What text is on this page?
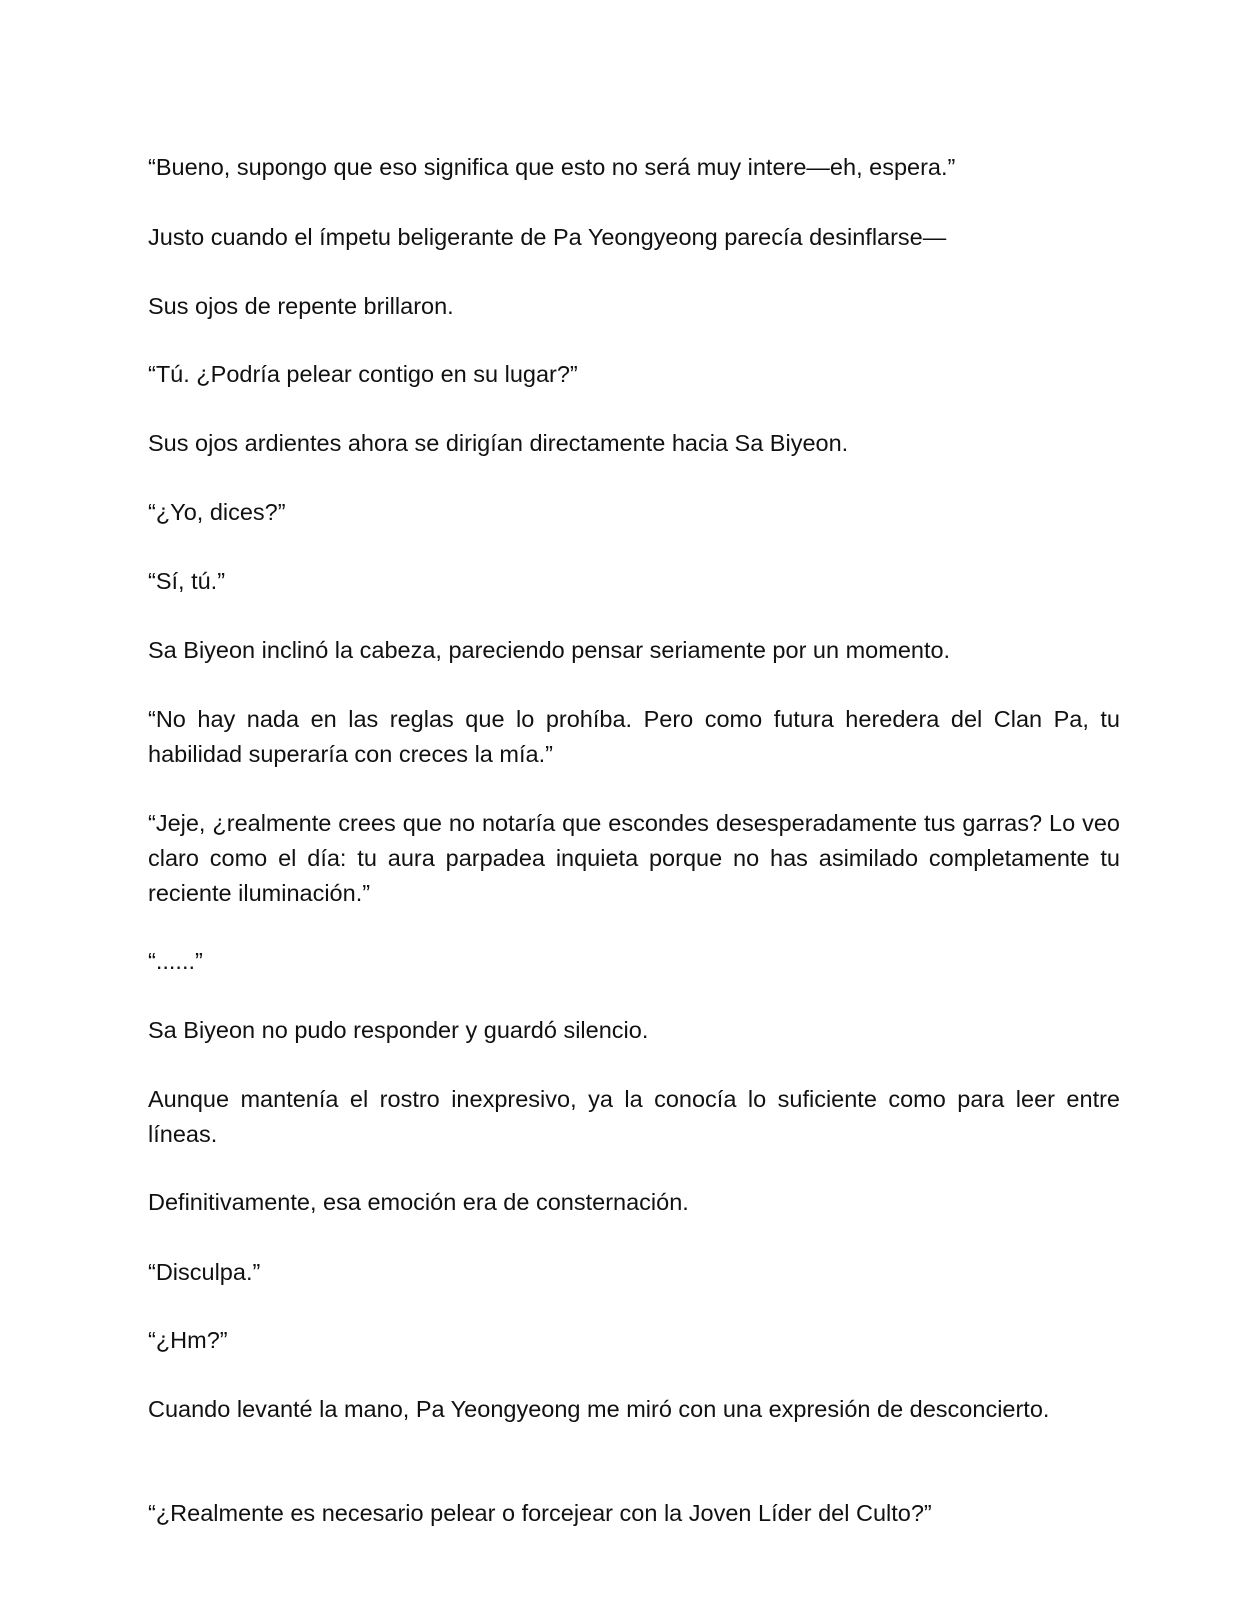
“Bueno, supongo que eso significa que esto no será muy intere—eh, espera.”

Justo cuando el ímpetu beligerante de Pa Yeongyeong parecía desinflarse—

Sus ojos de repente brillaron.

“Tú. ¿Podría pelear contigo en su lugar?”

Sus ojos ardientes ahora se dirigían directamente hacia Sa Biyeon.

“¿Yo, dices?”

“Sí, tú.”

Sa Biyeon inclinó la cabeza, pareciendo pensar seriamente por un momento.

“No hay nada en las reglas que lo prohíba. Pero como futura heredera del Clan Pa, tu habilidad superaría con creces la mía.”

“Jeje, ¿realmente crees que no notaría que escondes desesperadamente tus garras? Lo veo claro como el día: tu aura parpadea inquieta porque no has asimilado completamente tu reciente iluminación.”

“......”

Sa Biyeon no pudo responder y guardó silencio.

Aunque mantenía el rostro inexpresivo, ya la conocía lo suficiente como para leer entre líneas.

Definitivamente, esa emoción era de consternación.

“Disculpa.”

“¿Hm?”

Cuando levanté la mano, Pa Yeongyeong me miró con una expresión de desconcierto.

“¿Realmente es necesario pelear o forcejear con la Joven Líder del Culto?”
